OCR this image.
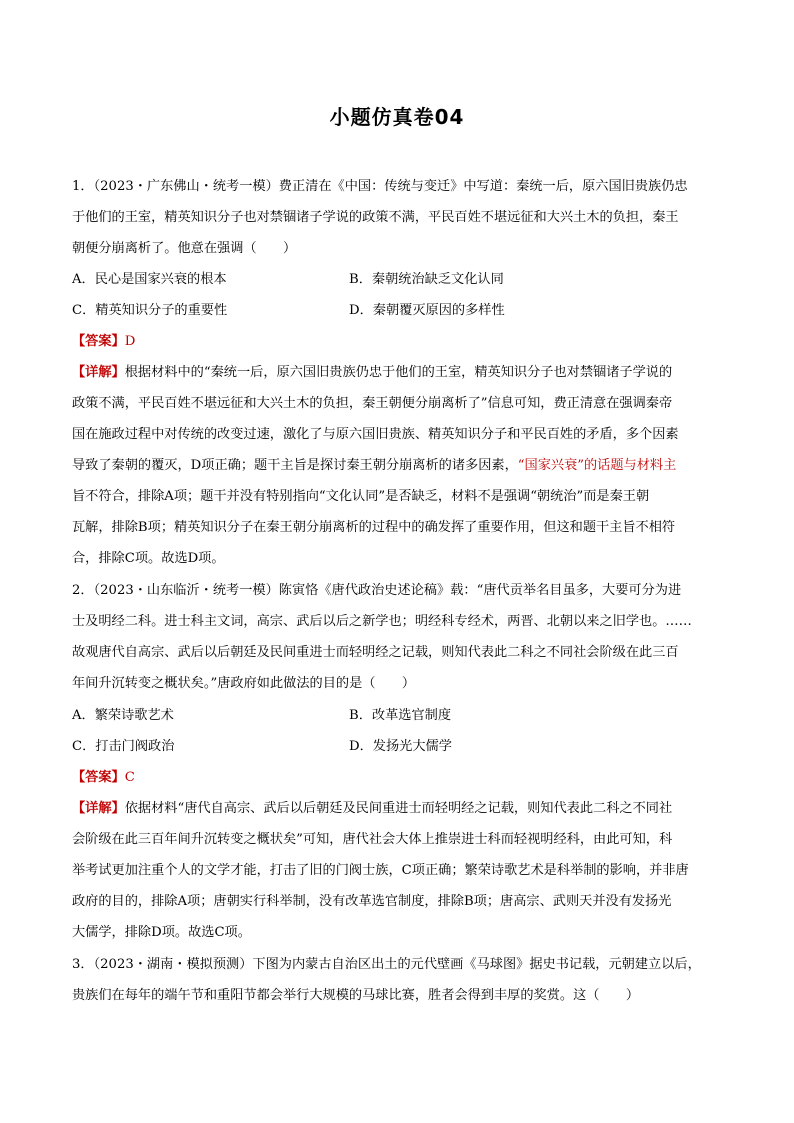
小题仿真卷04
1．（2023・广东佛山・统考一模）费正清在《中国：传统与变迁》中写道：秦统一后，原六国旧贵族仍忠
于他们的王室，精英知识分子也对禁锢诸子学说的政策不满，平民百姓不堪远征和大兴土木的负担，秦王
朝便分崩离析了。他意在强调（　　）
A．民心是国家兴衰的根本	B．秦朝统治缺乏文化认同
C．精英知识分子的重要性	D．秦朝覆灭原因的多样性
【答案】D
【详解】根据材料中的“秦统一后，原六国旧贵族仍忠于他们的王室，精英知识分子也对禁锢诸子学说的
政策不满，平民百姓不堪远征和大兴土木的负担，秦王朝便分崩离析了”信息可知，费正清意在强调秦帝
国在施政过程中对传统的改变过速，激化了与原六国旧贵族、精英知识分子和平民百姓的矛盾，多个因素
导致了秦朝的覆灭，D项正确；题干主旨是探讨秦王朝分崩离析的诸多因素，“国家兴衰”的话题与材料主
旨不符合，排除A项；题干并没有特别指向“文化认同”是否缺乏，材料不是强调“朝统治”而是秦王朝
瓦解，排除B项；精英知识分子在秦王朝分崩离析的过程中的确发挥了重要作用，但这和题干主旨不相符
合，排除C项。故选D项。
2．（2023・山东临沂・统考一模）陈寅恪《唐代政治史述论稿》载：“唐代贡举名目虽多，大要可分为进
士及明经二科。进士科主文词，高宗、武后以后之新学也；明经科专经术，两晋、北朝以来之旧学也。……
故观唐代自高宗、武后以后朝廷及民间重进士而轻明经之记载，则知代表此二科之不同社会阶级在此三百
年间升沉转变之概状矣。”唐政府如此做法的目的是（　　）
A．繁荣诗歌艺术	B．改革选官制度
C．打击门阀政治	D．发扬光大儒学
【答案】C
【详解】依据材料“唐代自高宗、武后以后朝廷及民间重进士而轻明经之记载，则知代表此二科之不同社
会阶级在此三百年间升沉转变之概状矣”可知，唐代社会大体上推崇进士科而轻视明经科，由此可知，科
举考试更加注重个人的文学才能，打击了旧的门阀士族，C项正确；繁荣诗歌艺术是科举制的影响，并非唐
政府的目的，排除A项；唐朝实行科举制，没有改革选官制度，排除B项；唐高宗、武则天并没有发扬光
大儒学，排除D项。故选C项。
3．（2023・湖南・模拟预测）下图为内蒙古自治区出土的元代壁画《马球图》据史书记载，元朝建立以后，
贵族们在每年的端午节和重阳节都会举行大规模的马球比赛，胜者会得到丰厚的奖赏。这（　　）
